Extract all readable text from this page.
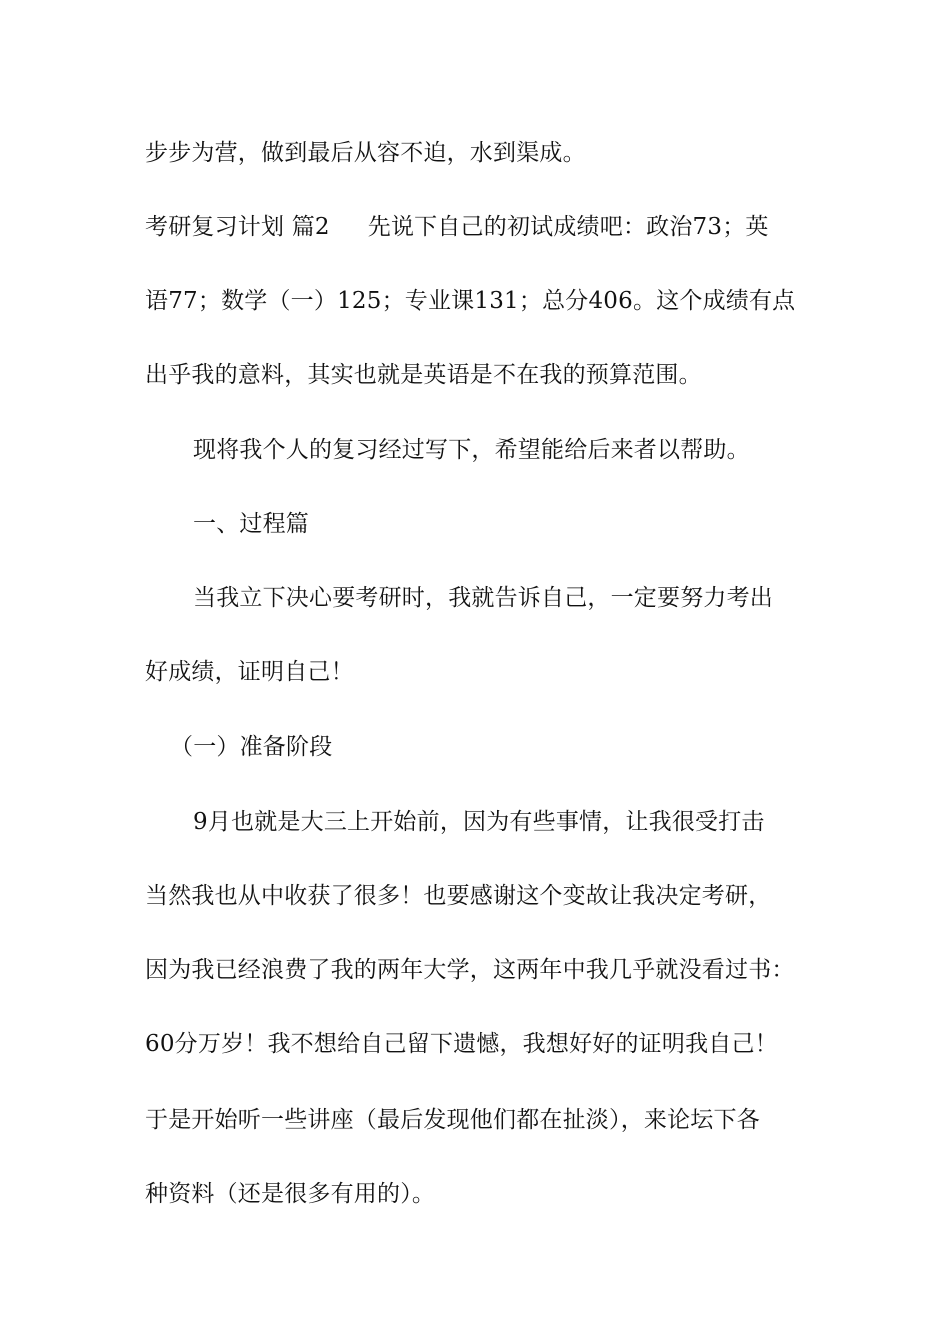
步步为营，做到最后从容不迫，水到渠成。
考研复习计划 篇2 先说下自己的初试成绩吧：政治73；英
语77；数学（一）125；专业课131；总分406。这个成绩有点
出乎我的意料，其实也就是英语是不在我的预算范围。
现将我个人的复习经过写下，希望能给后来者以帮助。
一、过程篇
当我立下决心要考研时，我就告诉自己，一定要努力考出
好成绩，证明自己！
（一）准备阶段
9月也就是大三上开始前，因为有些事情，让我很受打击
当然我也从中收获了很多！也要感谢这个变故让我决定考研，
因为我已经浪费了我的两年大学，这两年中我几乎就没看过书：
60分万岁！我不想给自己留下遗憾，我想好好的证明我自己！
于是开始听一些讲座（最后发现他们都在扯淡），来论坛下各
种资料（还是很多有用的）。
